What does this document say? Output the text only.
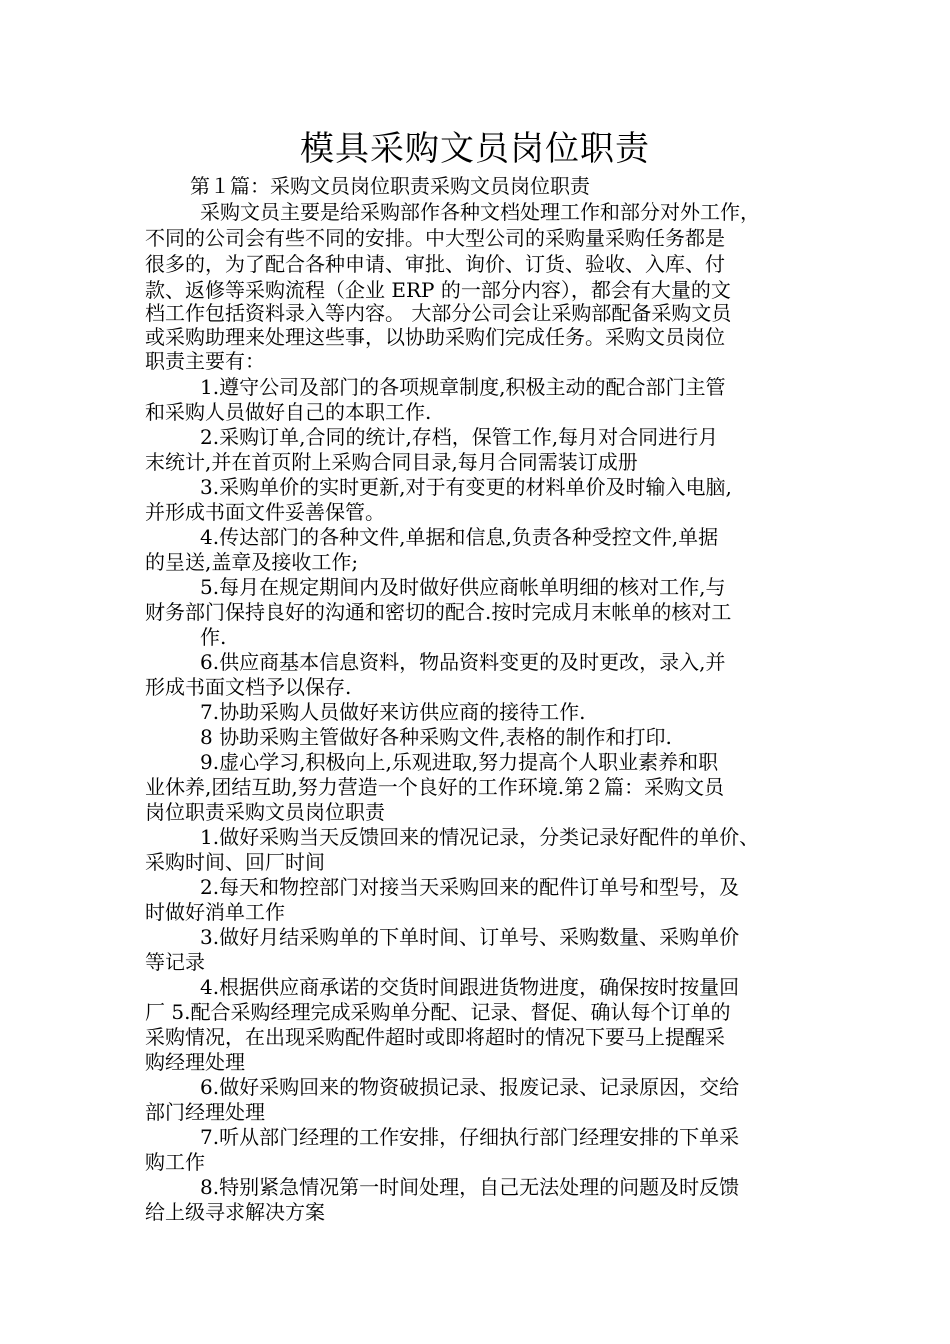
模具采购文员岗位职责
第１篇：采购文员岗位职责采购文员岗位职责
采购文员主要是给采购部作各种文档处理工作和部分对外工作，
不同的公司会有些不同的安排。中大型公司的采购量采购任务都是
很多的，为了配合各种申请、审批、询价、订货、验收、入库、付
款、返修等采购流程（企业 ERP 的一部分内容），都会有大量的文
档工作包括资料录入等内容。 大部分公司会让采购部配备采购文员
或采购助理来处理这些事，以协助采购们完成任务。采购文员岗位
职责主要有：
1.遵守公司及部门的各项规章制度,积极主动的配合部门主管
和采购人员做好自己的本职工作.
2.采购订单,合同的统计,存档，保管工作,每月对合同进行月
末统计,并在首页附上采购合同目录,每月合同需装订成册
3.采购单价的实时更新,对于有变更的材料单价及时输入电脑,
并形成书面文件妥善保管。
4.传达部门的各种文件,单据和信息,负责各种受控文件,单据
的呈送,盖章及接收工作;
5.每月在规定期间内及时做好供应商帐单明细的核对工作,与
财务部门保持良好的沟通和密切的配合.按时完成月末帐单的核对工
作.
6.供应商基本信息资料，物品资料变更的及时更改，录入,并
形成书面文档予以保存.
7.协助采购人员做好来访供应商的接待工作.
8 协助采购主管做好各种采购文件,表格的制作和打印.
9.虚心学习,积极向上,乐观进取,努力提高个人职业素养和职
业休养,团结互助,努力营造一个良好的工作环境.第２篇：采购文员
岗位职责采购文员岗位职责
1.做好采购当天反馈回来的情况记录，分类记录好配件的单价、
采购时间、回厂时间
2.每天和物控部门对接当天采购回来的配件订单号和型号，及
时做好消单工作
3.做好月结采购单的下单时间、订单号、采购数量、采购单价
等记录
4.根据供应商承诺的交货时间跟进货物进度，确保按时按量回
厂 5.配合采购经理完成采购单分配、记录、督促、确认每个订单的
采购情况，在出现采购配件超时或即将超时的情况下要马上提醒采
购经理处理
6.做好采购回来的物资破损记录、报废记录、记录原因，交给
部门经理处理
7.听从部门经理的工作安排，仔细执行部门经理安排的下单采
购工作
8.特别紧急情况第一时间处理，自己无法处理的问题及时反馈
给上级寻求解决方案
